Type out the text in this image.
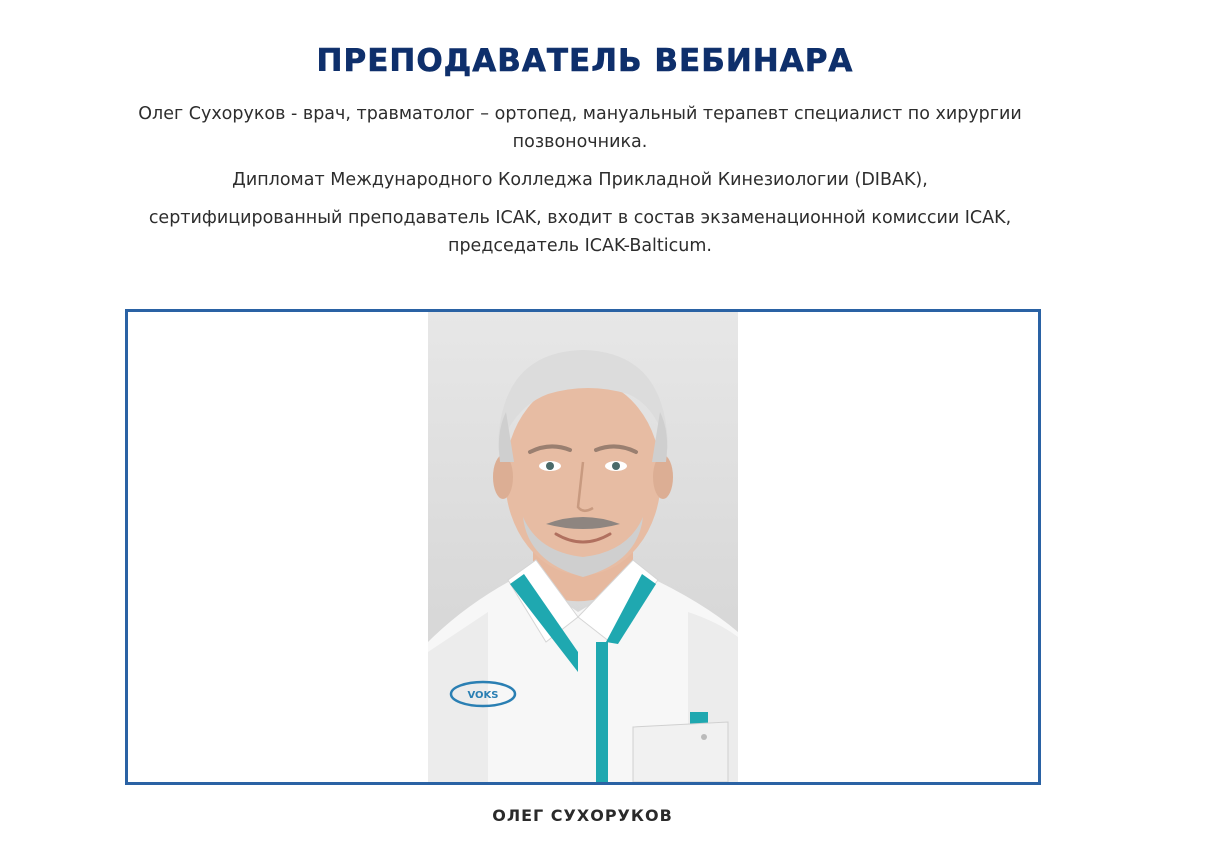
ПРЕПОДАВАТЕЛЬ ВЕБИНАРА

Олег Сухоруков - врач, травматолог – ортопед, мануальный терапевт специалист по хирургии позвоночника.

Дипломат Международного Колледжа Прикладной Кинезиологии (DIBAK),

сертифицированный преподаватель ICAK, входит в состав экзаменационной комиссии ICAK, председатель ICAK-Balticum.

VOKS
ОЛЕГ СУХОРУКОВ
